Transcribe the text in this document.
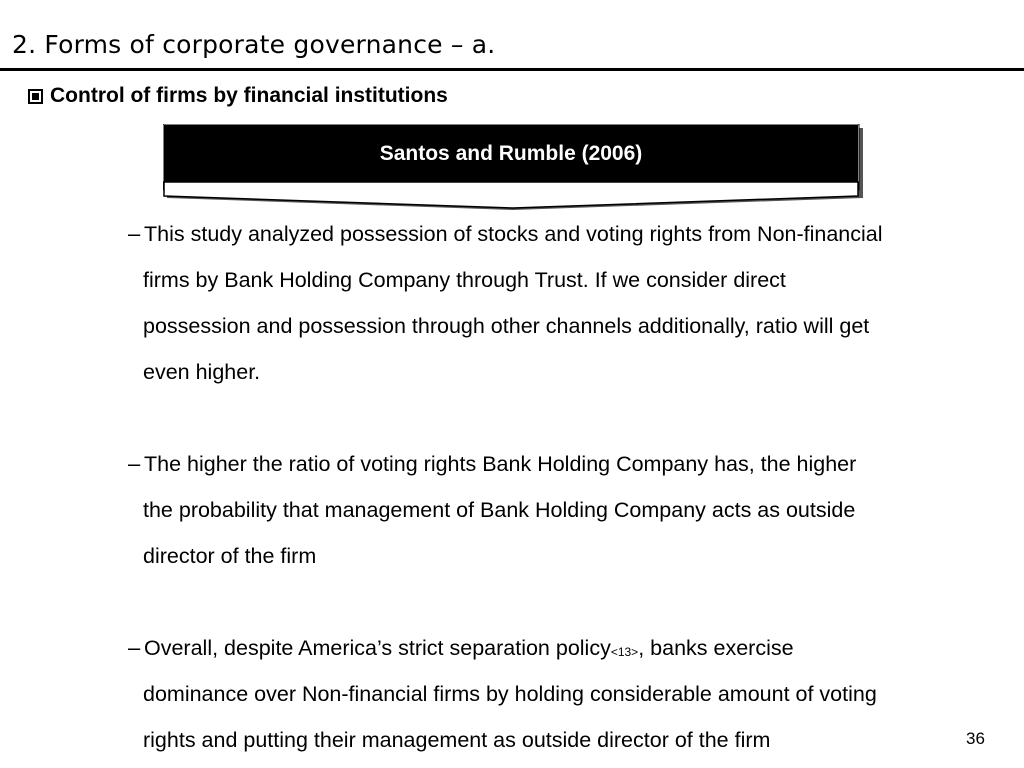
2. Forms of corporate governance – a.
Control of firms by financial institutions
Santos and Rumble (2006)
– This study analyzed possession of stocks and voting rights from Non-financial
firms by Bank Holding Company through Trust. If we consider direct
possession and possession through other channels additionally, ratio will get
even higher.
– The higher the ratio of voting rights Bank Holding Company has, the higher
the probability that management of Bank Holding Company acts as outside
director of the firm
– Overall, despite America’s strict separation policy<13>, banks exercise
dominance over Non-financial firms by holding considerable amount of voting
rights and putting their management as outside director of the firm	36
